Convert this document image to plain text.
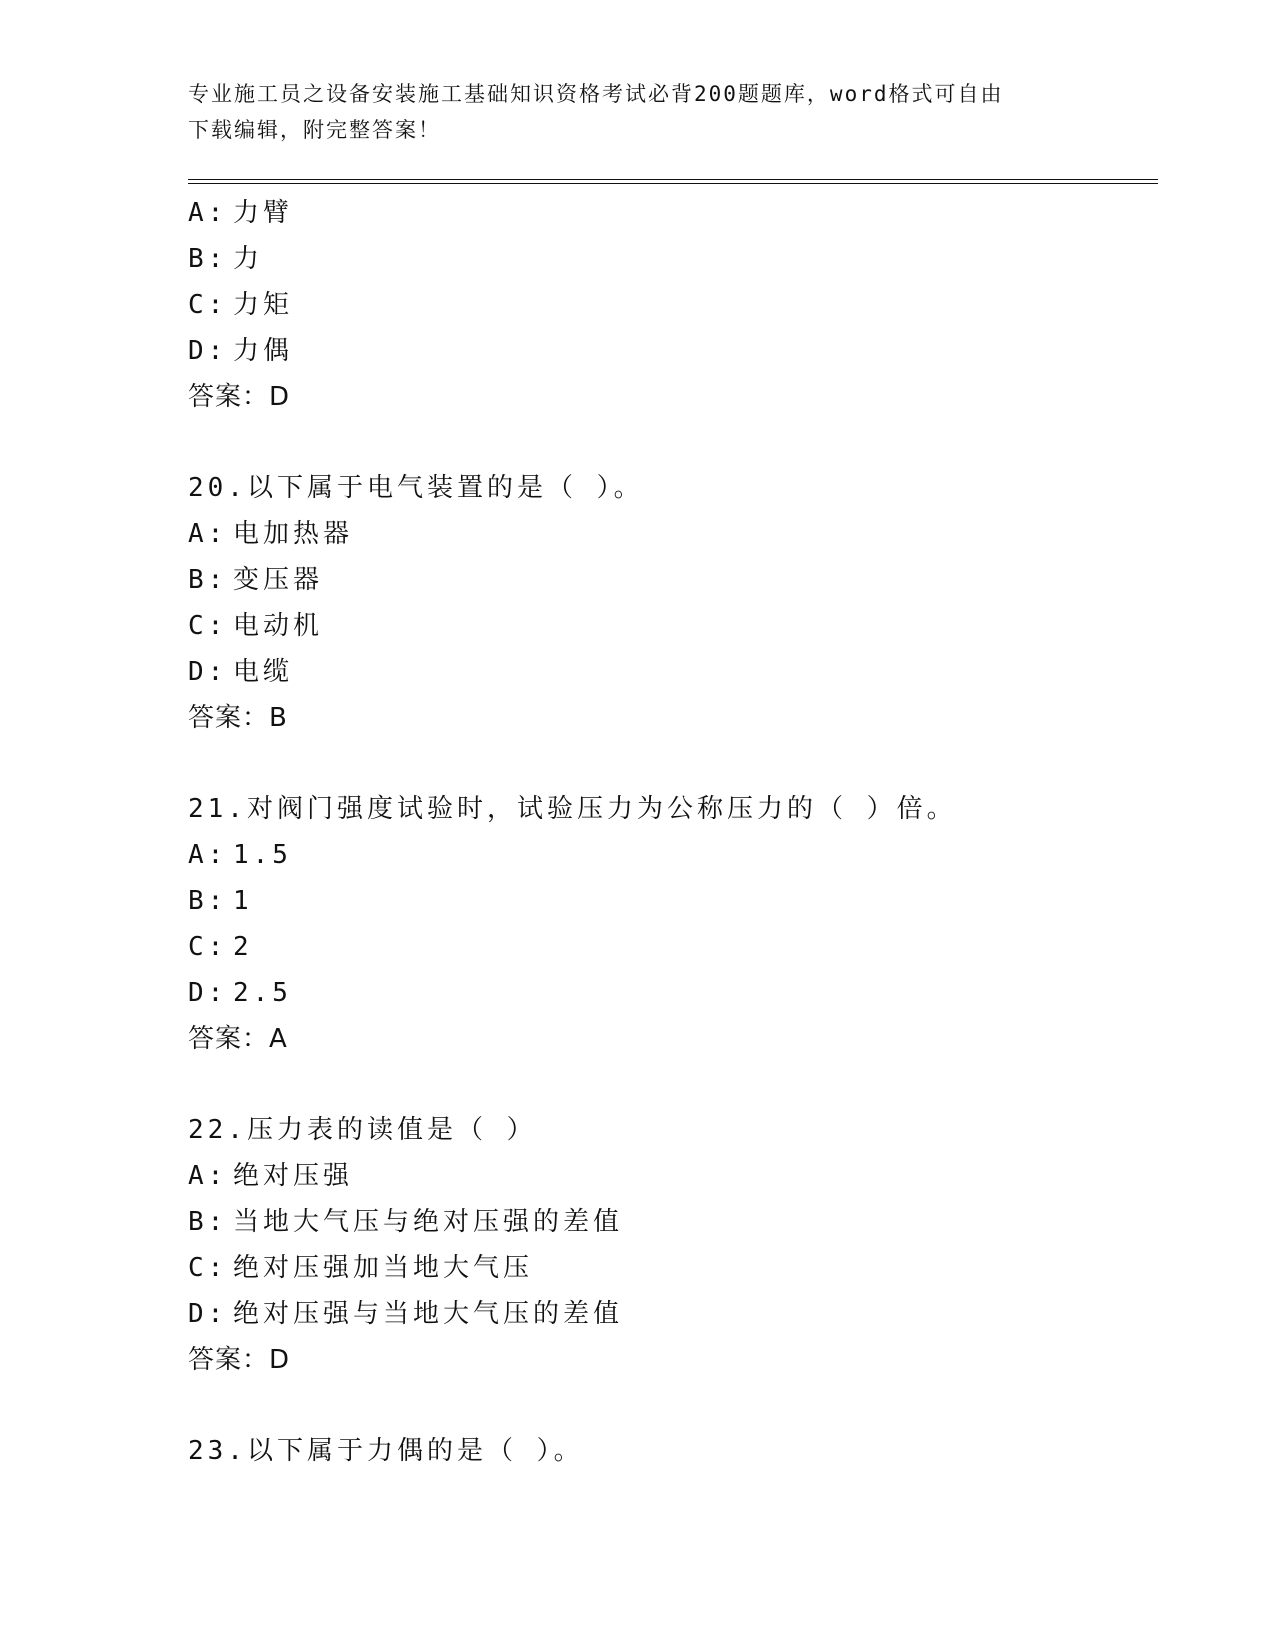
专业施工员之设备安装施工基础知识资格考试必背200题题库，word格式可自由
下载编辑，附完整答案！
A: 力臂
B: 力
C: 力矩
D: 力偶
答案：D
20.以下属于电气装置的是（ ）。
A: 电加热器
B: 变压器
C: 电动机
D: 电缆
答案：B
21.对阀门强度试验时，试验压力为公称压力的（ ）倍。
A: 1.5
B: 1
C: 2
D: 2.5
答案：A
22.压力表的读值是（ ）
A: 绝对压强
B: 当地大气压与绝对压强的差值
C: 绝对压强加当地大气压
D: 绝对压强与当地大气压的差值
答案：D
23.以下属于力偶的是（ ）。
